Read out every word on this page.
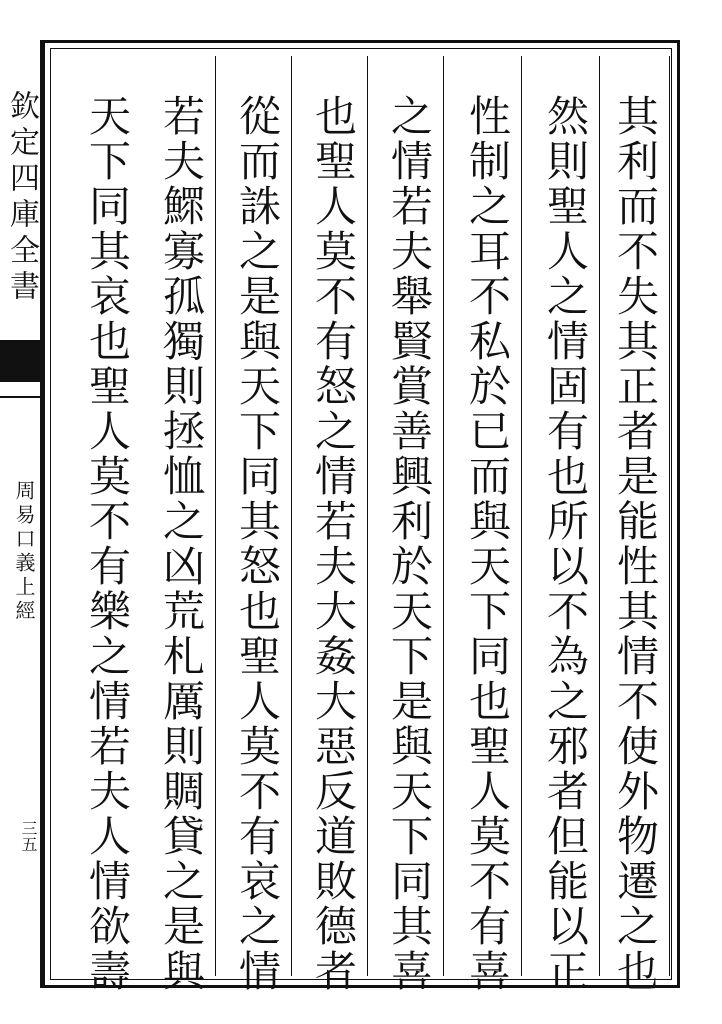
欽定四庫全書
周易口義上經
三五	其利而不失其正者是能性其情不使外物遷之也
然則聖人之情固有也所以不為之邪者但能以正
性制之耳不私於已而與天下同也聖人莫不有喜
之情若夫舉賢賞善興利於天下是與天下同其喜
也聖人莫不有怒之情若夫大姦大惡反道敗德者
從而誅之是與天下同其怒也聖人莫不有哀之情
若夫鰥寡孤獨則拯恤之凶荒札厲則賙貸之是與
天下同其哀也聖人莫不有樂之情若夫人情欲壽
